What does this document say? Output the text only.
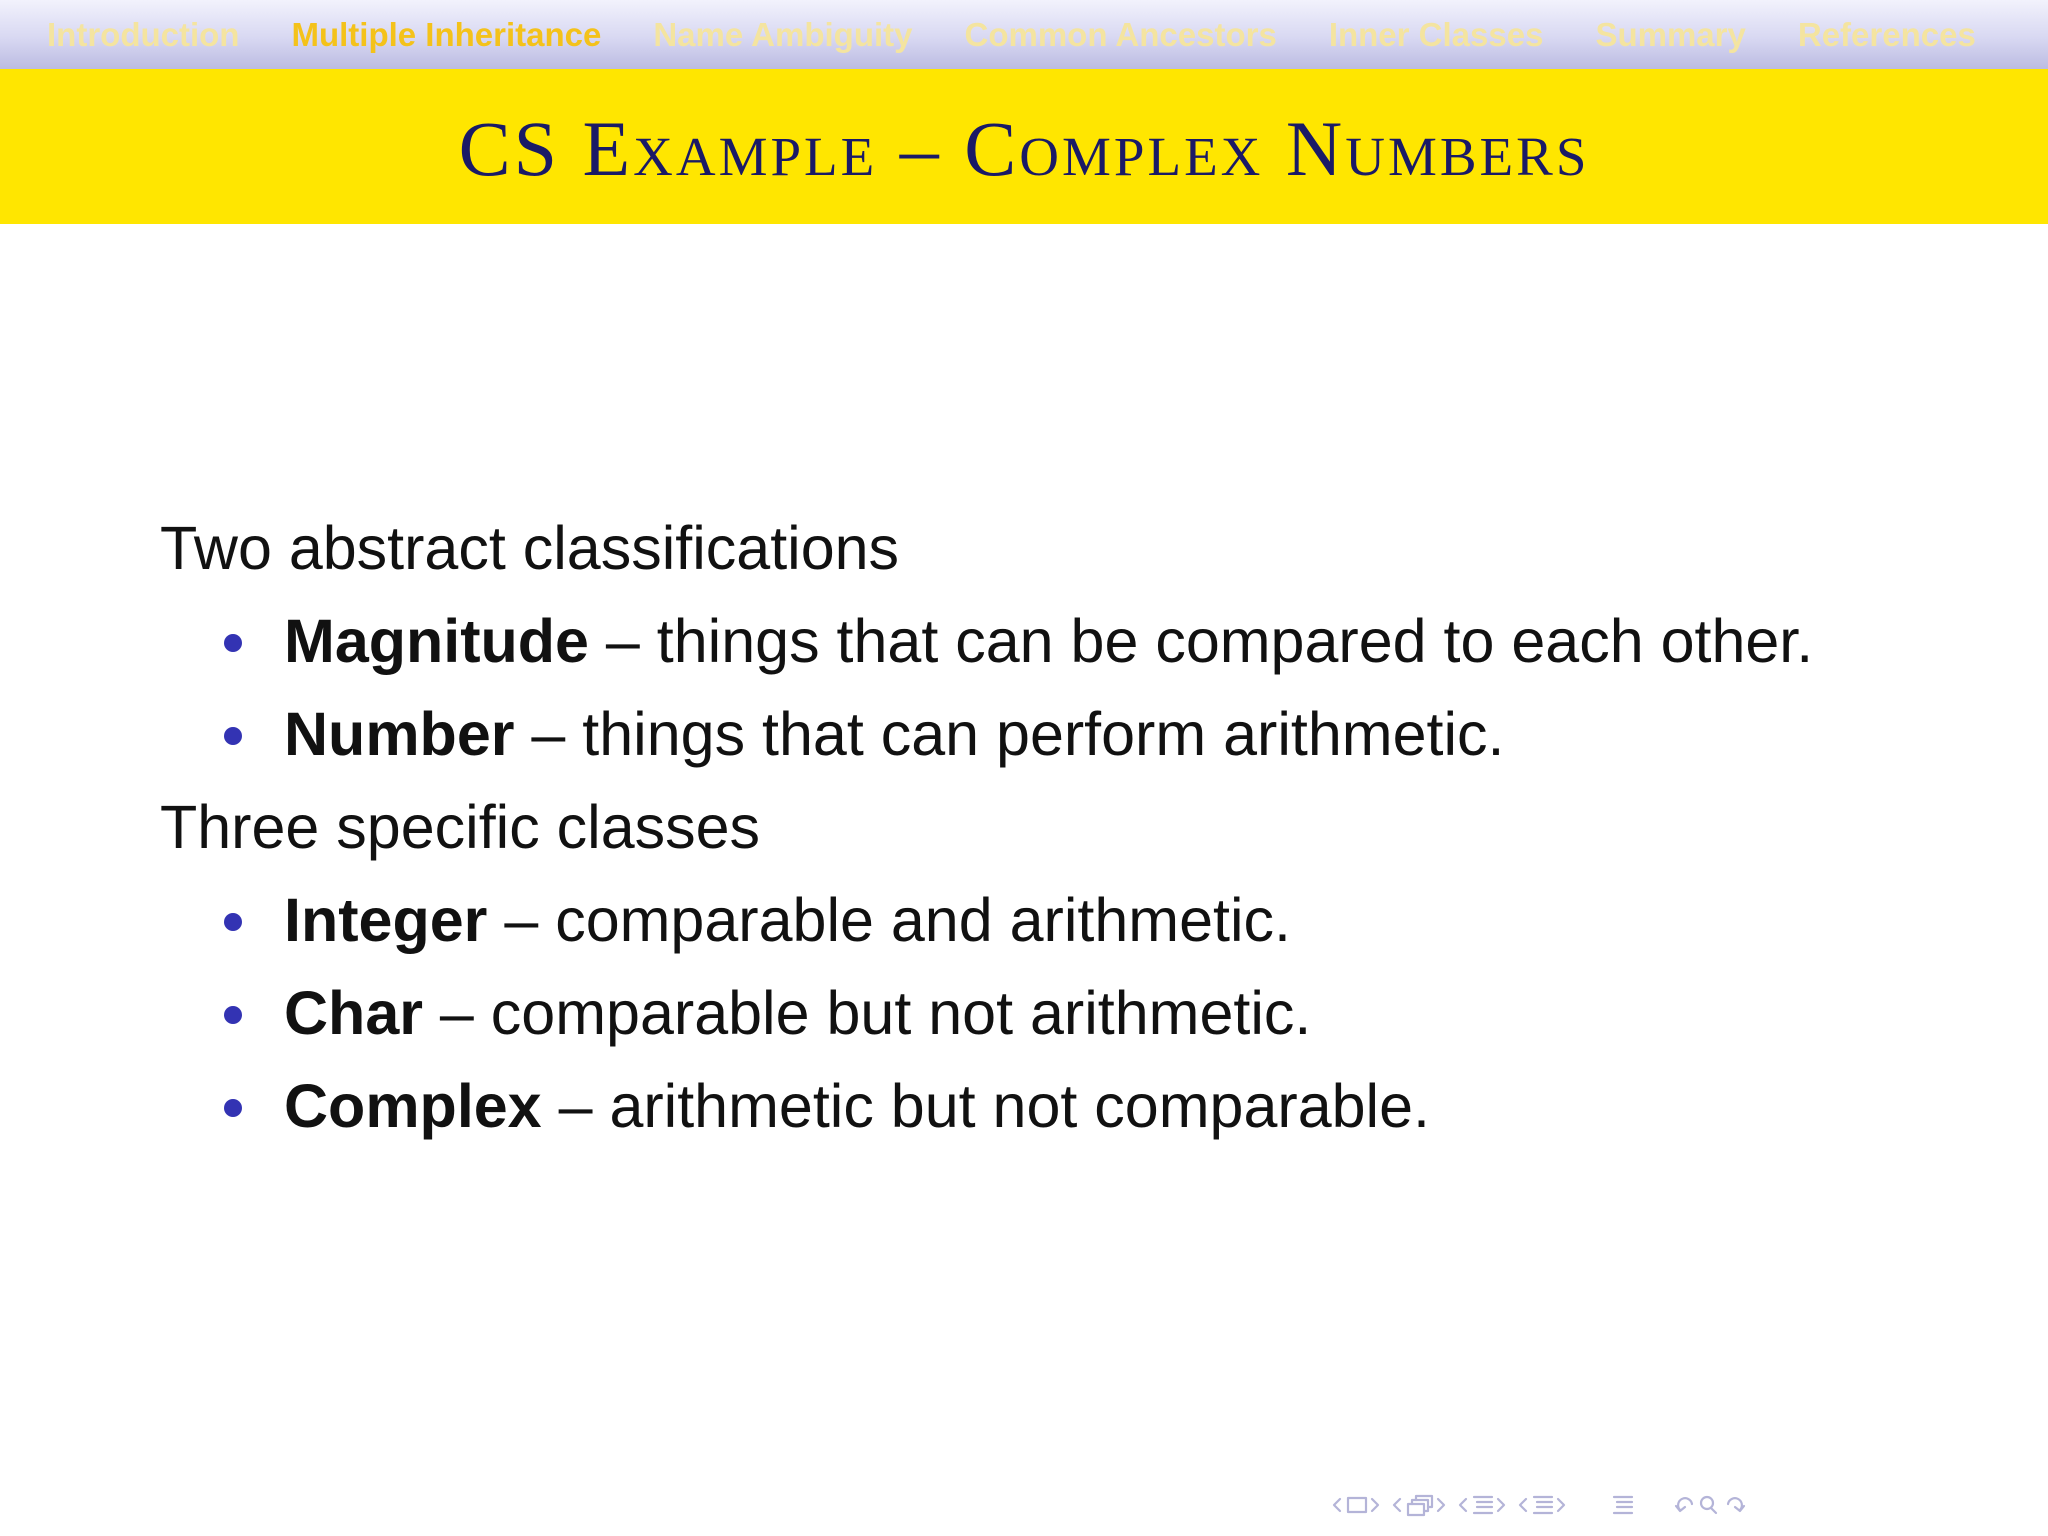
Introduction Multiple Inheritance Name Ambiguity Common Ancestors Inner Classes Summary References
CS Example – Complex Numbers
Two abstract classifications
Magnitude – things that can be compared to each other.
Number – things that can perform arithmetic.
Three specific classes
Integer – comparable and arithmetic.
Char – comparable but not arithmetic.
Complex – arithmetic but not comparable.
